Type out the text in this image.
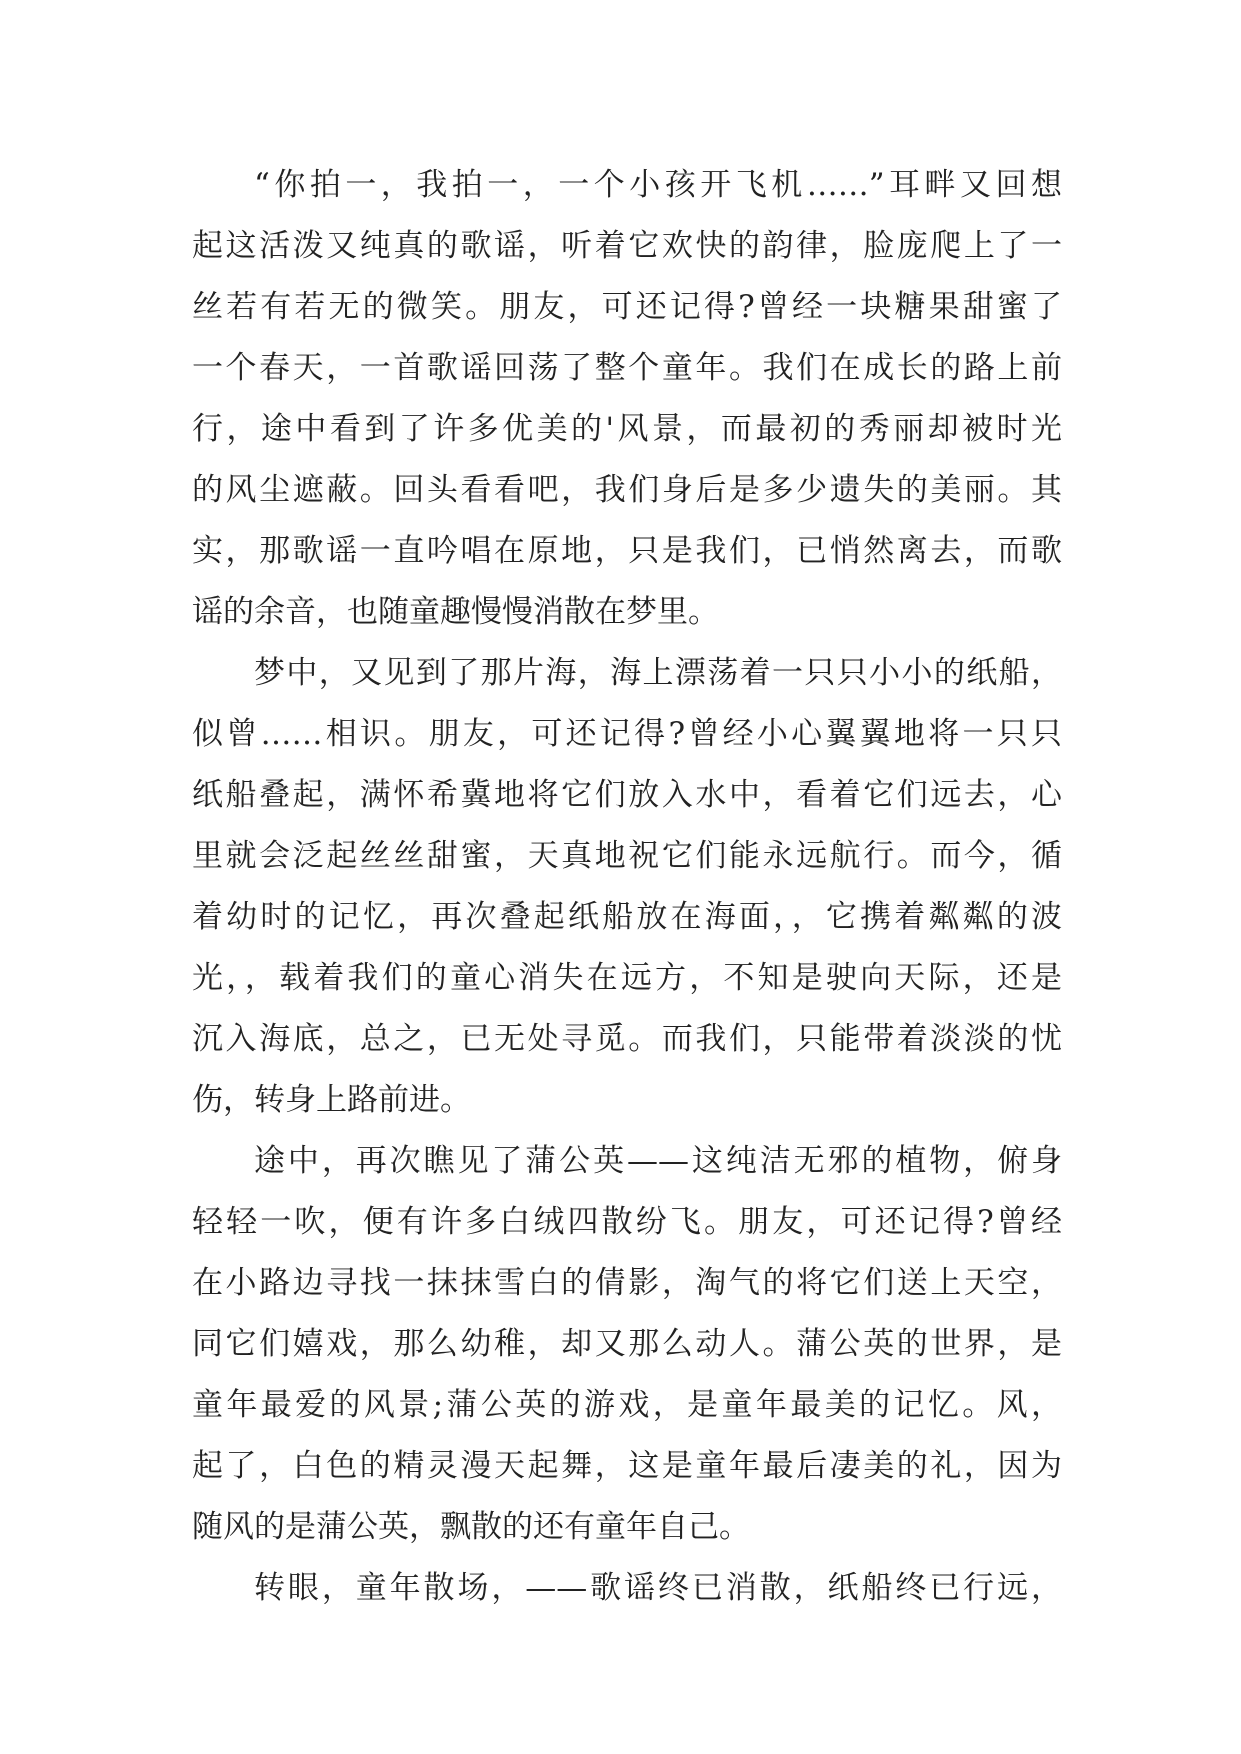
“你拍一，我拍一，一个小孩开飞机……”耳畔又回想
起这活泼又纯真的歌谣，听着它欢快的韵律，脸庞爬上了一
丝若有若无的微笑。朋友，可还记得?曾经一块糖果甜蜜了
一个春天，一首歌谣回荡了整个童年。我们在成长的路上前
行，途中看到了许多优美的'风景，而最初的秀丽却被时光
的风尘遮蔽。回头看看吧，我们身后是多少遗失的美丽。其
实，那歌谣一直吟唱在原地，只是我们，已悄然离去，而歌
谣的余音，也随童趣慢慢消散在梦里。
梦中，又见到了那片海，海上漂荡着一只只小小的纸船，
似曾……相识。朋友，可还记得?曾经小心翼翼地将一只只
纸船叠起，满怀希冀地将它们放入水中，看着它们远去，心
里就会泛起丝丝甜蜜，天真地祝它们能永远航行。而今，循
着幼时的记忆，再次叠起纸船放在海面，，它携着粼粼的波
光，，载着我们的童心消失在远方，不知是驶向天际，还是
沉入海底，总之，已无处寻觅。而我们，只能带着淡淡的忧
伤，转身上路前进。
途中，再次瞧见了蒲公英——这纯洁无邪的植物，俯身
轻轻一吹，便有许多白绒四散纷飞。朋友，可还记得?曾经
在小路边寻找一抹抹雪白的倩影，淘气的将它们送上天空，
同它们嬉戏，那么幼稚，却又那么动人。蒲公英的世界，是
童年最爱的风景;蒲公英的游戏，是童年最美的记忆。风，
起了，白色的精灵漫天起舞，这是童年最后凄美的礼，因为
随风的是蒲公英，飘散的还有童年自己。
转眼，童年散场，——歌谣终已消散，纸船终已行远，
